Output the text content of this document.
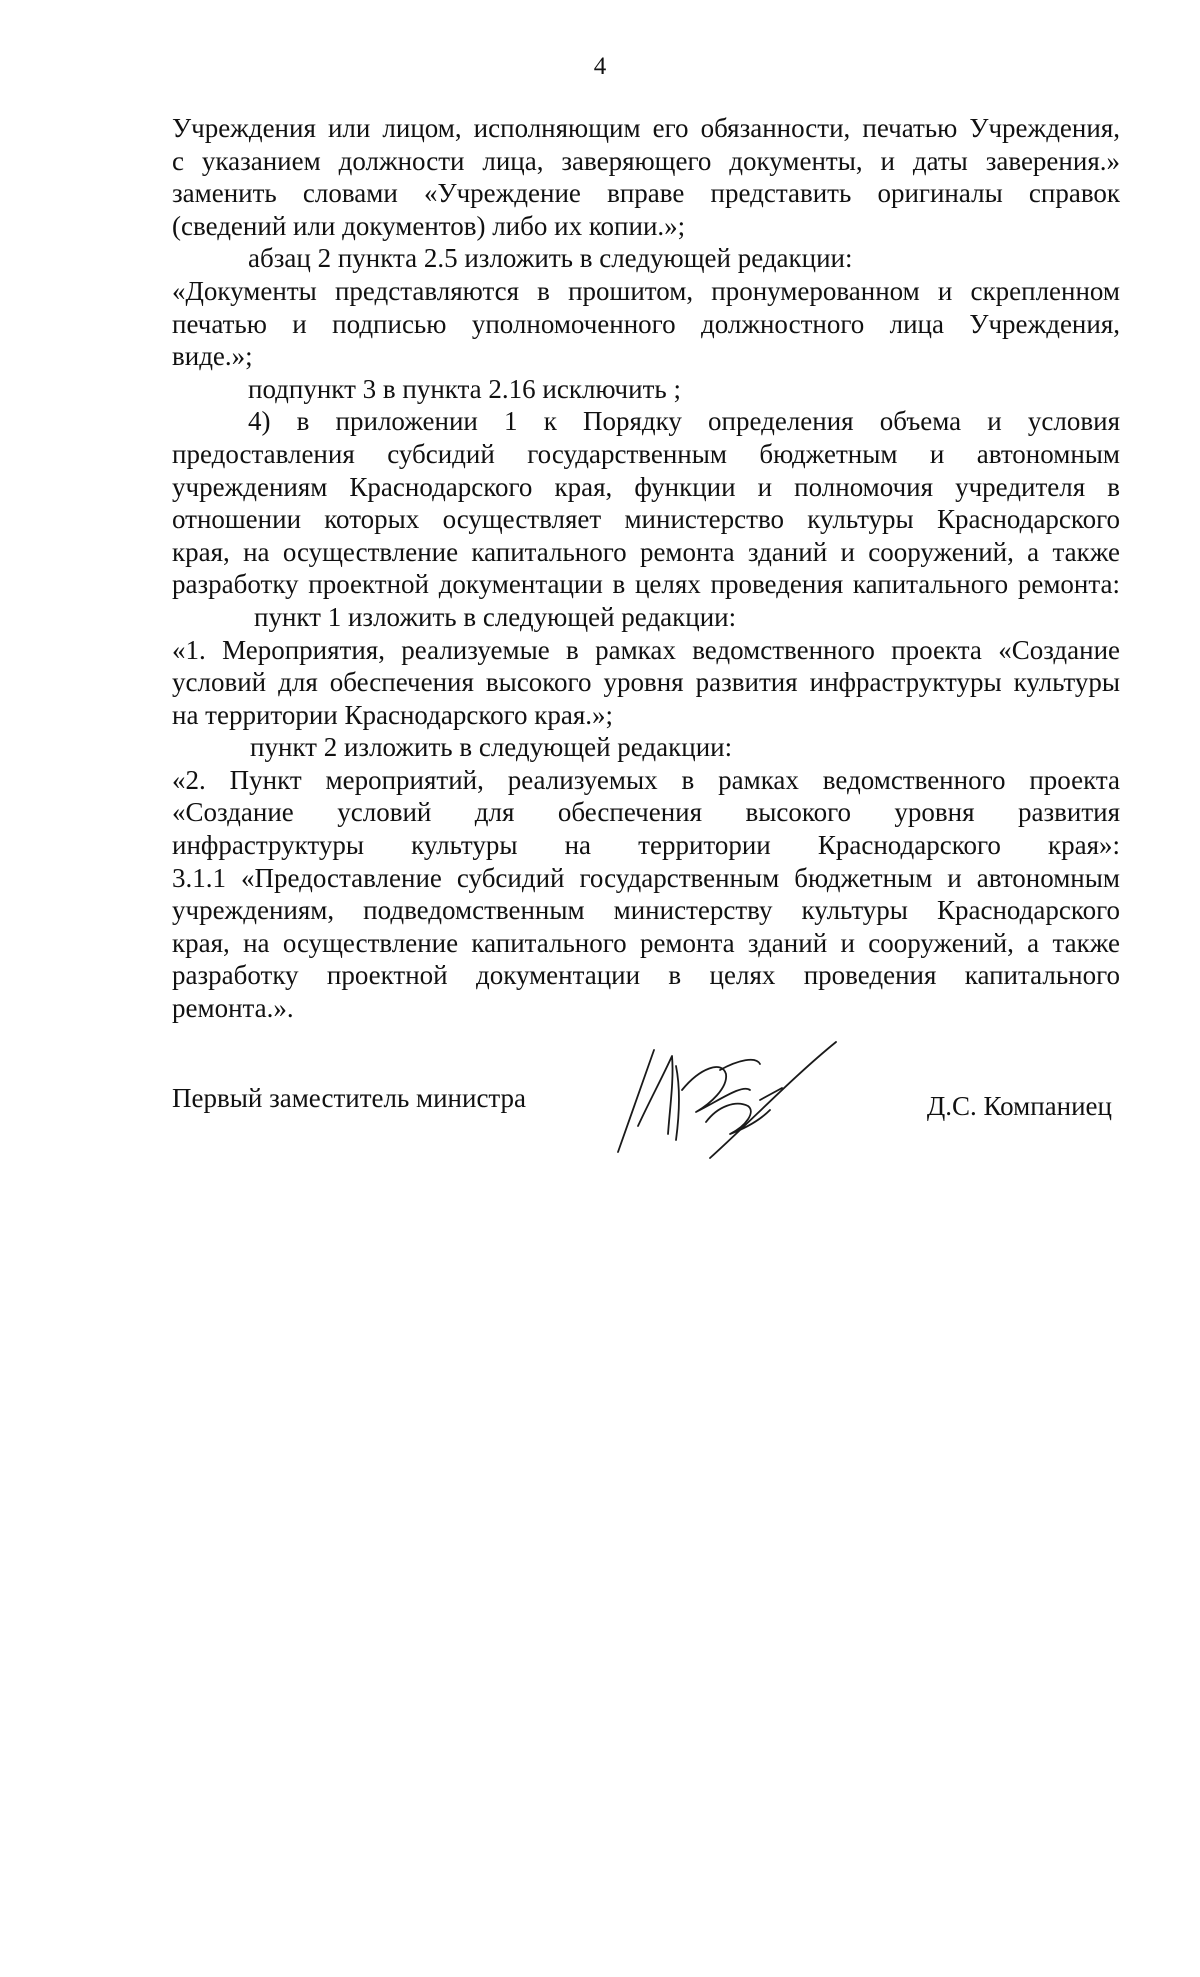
4
Учреждения или лицом, исполняющим его обязанности, печатью Учреждения,
с указанием должности лица, заверяющего документы, и даты заверения.»
заменить словами «Учреждение вправе представить оригиналы справок
(сведений или документов) либо их копии.»;
абзац 2 пункта 2.5 изложить в следующей редакции:
«Документы представляются в прошитом, пронумерованном и скрепленном
печатью и подписью уполномоченного должностного лица Учреждения,
виде.»;
подпункт 3 в пункта 2.16 исключить ;
4) в приложении 1 к Порядку определения объема и условия
предоставления субсидий государственным бюджетным и автономным
учреждениям Краснодарского края, функции и полномочия учредителя в
отношении которых осуществляет министерство культуры Краснодарского
края, на осуществление капитального ремонта зданий и сооружений, а также
разработку проектной документации в целях проведения капитального ремонта:
пункт 1 изложить в следующей редакции:
«1. Мероприятия, реализуемые в рамках ведомственного проекта «Создание
условий для обеспечения высокого уровня развития инфраструктуры культуры
на территории Краснодарского края.»;
пункт 2 изложить в следующей редакции:
«2. Пункт мероприятий, реализуемых в рамках ведомственного проекта
«Создание условий для обеспечения высокого уровня развития
инфраструктуры культуры на территории Краснодарского края»:
3.1.1 «Предоставление субсидий государственным бюджетным и автономным
учреждениям, подведомственным министерству культуры Краснодарского
края, на осуществление капитального ремонта зданий и сооружений, а также
разработку проектной документации в целях проведения капитального
ремонта.».
Первый заместитель министра	Д.С. Компаниец
